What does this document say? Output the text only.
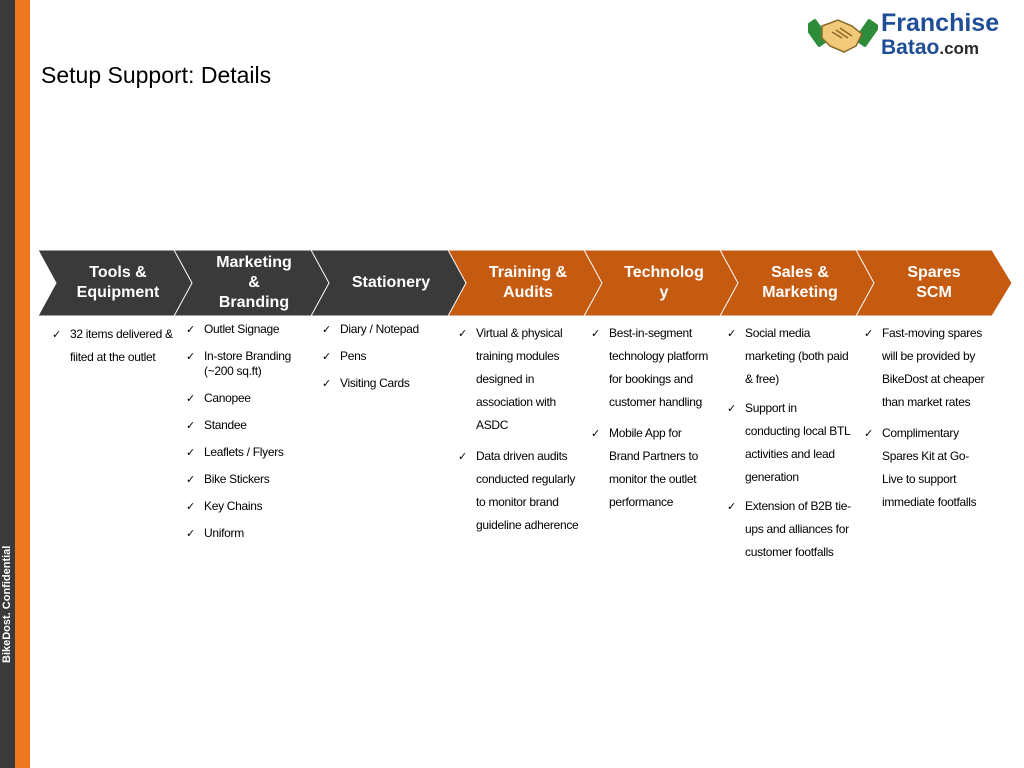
BikeDost. Confidential
Setup Support: Details
Franchise
Batao.com
Tools &
Equipment
Marketing
&
Branding
Stationery
Training &
Audits
Technolog
y
Sales &
Marketing
Spares
SCM
✓ 32 items delivered & fiited at the outlet
✓ Outlet Signage
✓ In-store Branding (~200 sq.ft)
✓ Canopee
✓ Standee
✓ Leaflets / Flyers
✓ Bike Stickers
✓ Key Chains
✓ Uniform
✓ Diary / Notepad
✓ Pens
✓ Visiting Cards
✓ Virtual & physical training modules designed in association with ASDC
✓ Data driven audits conducted regularly to monitor brand guideline adherence
✓ Best-in-segment technology platform for bookings and customer handling
✓ Mobile App for Brand Partners to monitor the outlet performance
✓ Social media marketing (both paid & free)
✓ Support in conducting local BTL activities and lead generation
✓ Extension of B2B tie-ups and alliances for customer footfalls
✓ Fast-moving spares will be provided by BikeDost at cheaper than market rates
✓ Complimentary Spares Kit at Go-Live to support immediate footfalls
